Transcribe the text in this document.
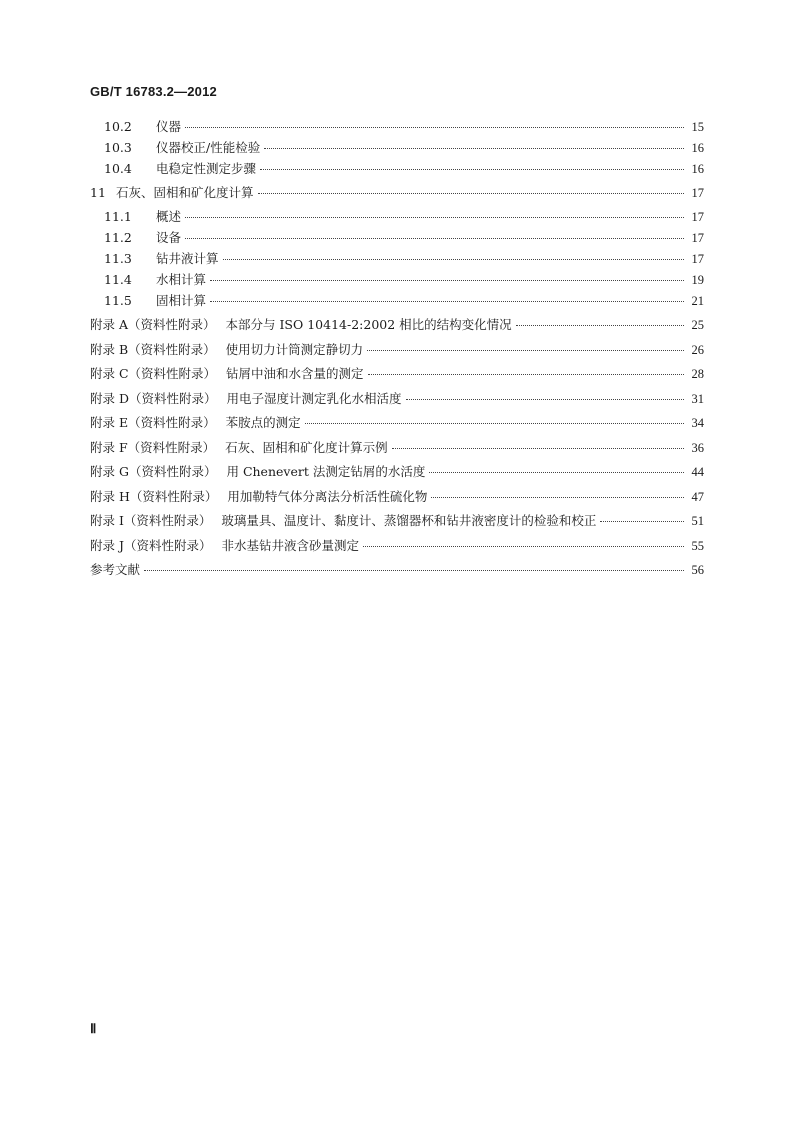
GB/T 16783.2—2012
10.2	仪器	15
10.3	仪器校正/性能检验	16
10.4	电稳定性测定步骤	16
11 石灰、固相和矿化度计算	17
11.1	概述	17
11.2	设备	17
11.3	钻井液计算	17
11.4	水相计算	19
11.5	固相计算	21
附录 A（资料性附录） 本部分与 ISO 10414-2:2002 相比的结构变化情况	25
附录 B（资料性附录） 使用切力计筒测定静切力	26
附录 C（资料性附录） 钻屑中油和水含量的测定	28
附录 D（资料性附录） 用电子湿度计测定乳化水相活度	31
附录 E（资料性附录） 苯胺点的测定	34
附录 F（资料性附录） 石灰、固相和矿化度计算示例	36
附录 G（资料性附录） 用 Chenevert 法测定钻屑的水活度	44
附录 H（资料性附录） 用加勒特气体分离法分析活性硫化物	47
附录 I（资料性附录） 玻璃量具、温度计、黏度计、蒸馏器杯和钻井液密度计的检验和校正	51
附录 J（资料性附录） 非水基钻井液含砂量测定	55
参考文献	56
Ⅱ
